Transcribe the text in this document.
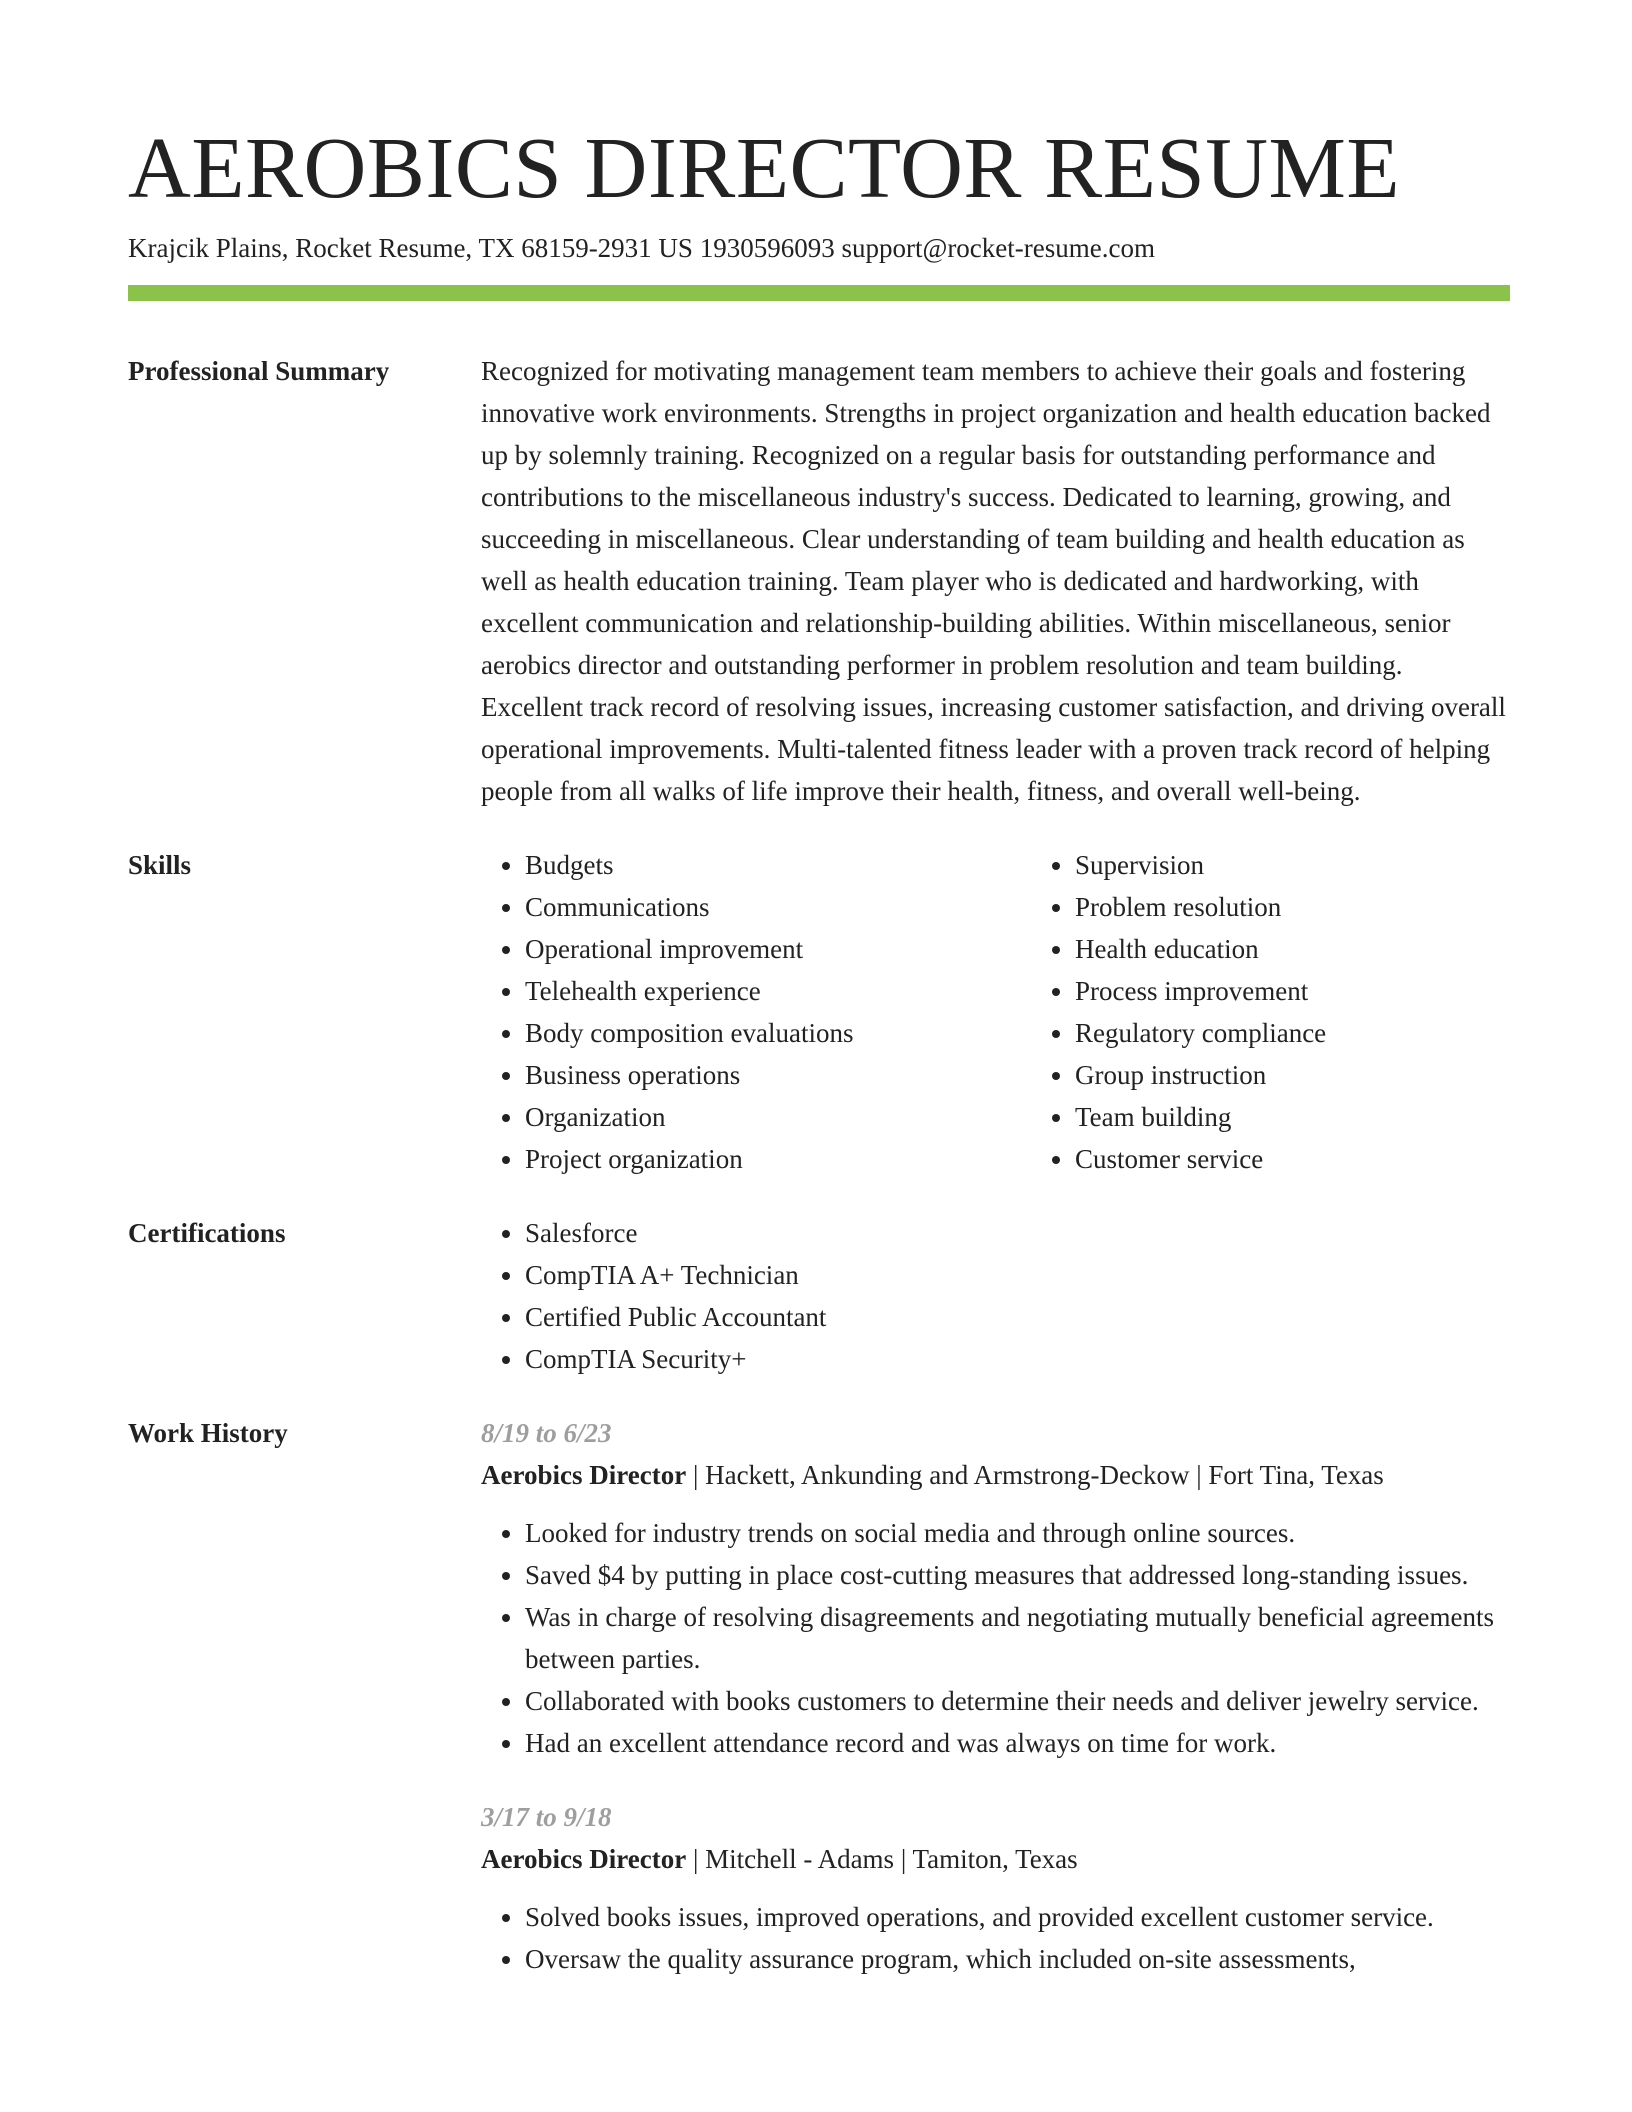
AEROBICS DIRECTOR RESUME
Krajcik Plains, Rocket Resume, TX 68159-2931 US 1930596093 support@rocket-resume.com
Professional Summary	Recognized for motivating management team members to achieve their goals and fostering innovative work environments. Strengths in project organization and health education backed up by solemnly training. Recognized on a regular basis for outstanding performance and contributions to the miscellaneous industry's success. Dedicated to learning, growing, and succeeding in miscellaneous. Clear understanding of team building and health education as well as health education training. Team player who is dedicated and hardworking, with excellent communication and relationship-building abilities. Within miscellaneous, senior aerobics director and outstanding performer in problem resolution and team building. Excellent track record of resolving issues, increasing customer satisfaction, and driving overall operational improvements. Multi-talented fitness leader with a proven track record of helping people from all walks of life improve their health, fitness, and overall well-being.

Skills	• Budgets
• Communications
• Operational improvement
• Telehealth experience
• Body composition evaluations
• Business operations
• Organization
• Project organization
• Supervision
• Problem resolution
• Health education
• Process improvement
• Regulatory compliance
• Group instruction
• Team building
• Customer service
Certifications	• Salesforce
• CompTIA A+ Technician
• Certified Public Accountant
• CompTIA Security+
Work History	8/19 to 6/23
Aerobics Director | Hackett, Ankunding and Armstrong-Deckow | Fort Tina, Texas
• Looked for industry trends on social media and through online sources.
• Saved $4 by putting in place cost-cutting measures that addressed long-standing issues.
• Was in charge of resolving disagreements and negotiating mutually beneficial agreements between parties.
• Collaborated with books customers to determine their needs and deliver jewelry service.
• Had an excellent attendance record and was always on time for work.
3/17 to 9/18
Aerobics Director | Mitchell - Adams | Tamiton, Texas
• Solved books issues, improved operations, and provided excellent customer service.
• Oversaw the quality assurance program, which included on-site assessments,
